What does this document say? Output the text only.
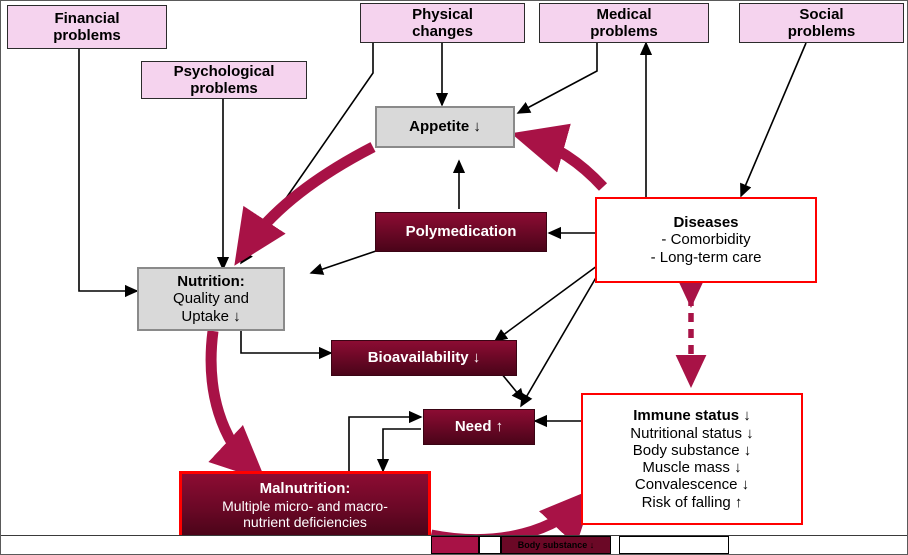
Financial
problems
Physical
changes
Medical
problems
Social
problems
Psychological
problems
Appetite ↓
Polymedication
Diseases
- Comorbidity
- Long-term care
Nutrition:
Quality and
Uptake ↓
Bioavailability ↓
Need ↑
Immune status ↓
Nutritional status ↓
Body substance ↓
Muscle mass ↓
Convalescence ↓
Risk of falling ↑
Malnutrition:
Multiple micro- and macro-
nutrient deficiencies
Body substance ↓
